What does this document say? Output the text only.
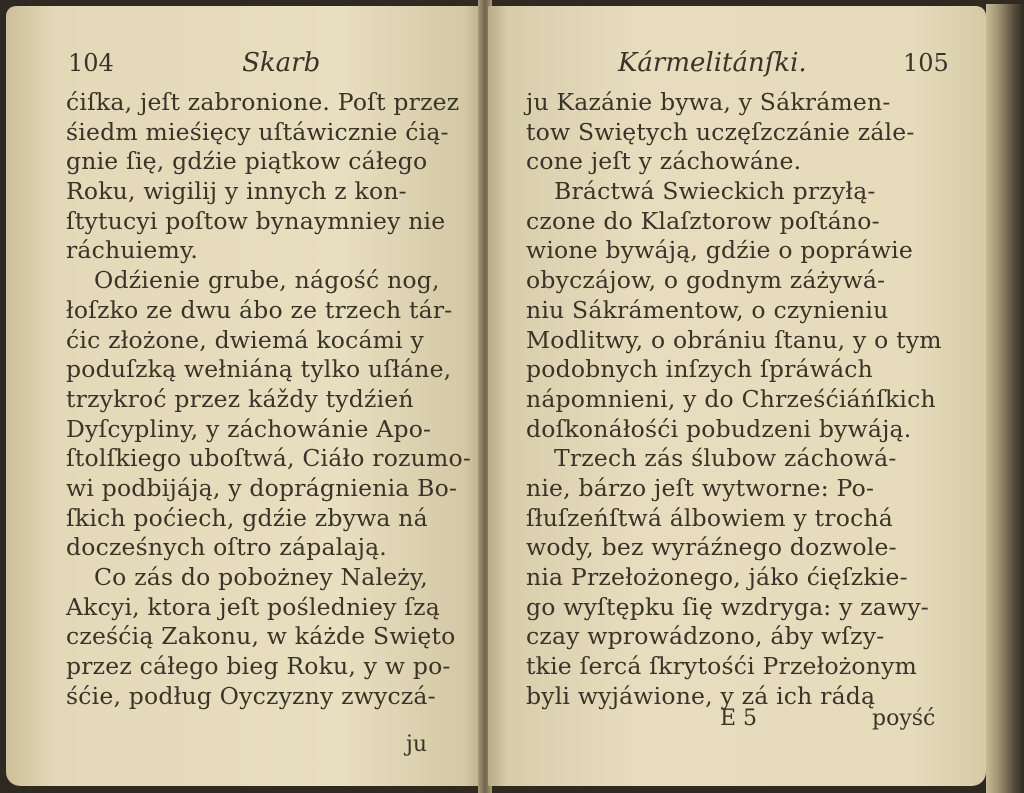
104	Skarb
ćiſka, jeſt zabronione. Poſt przez
śiedm mieśięcy uſtáwicznie ćią-
gnie ſię, gdźie piątkow cáłego
Roku, wigilij y innych z kon-
ſtytucyi poſtow bynaymniey nie
ráchuiemy.
Odźienie grube, nágość nog,
łoſzko ze dwu ábo ze trzech tár-
ćic złożone, dwiemá kocámi y
poduſzką wełniáną tylko uſłáne,
trzykroć przez káždy tydźień
Dyſcypliny, y záchowánie Apo-
ſtolſkiego uboſtwá, Ciáło rozumo-
wi podbijáją, y doprágnienia Bo-
ſkich poćiech, gdźie zbywa ná
docześnych oſtro zápalają.
Co zás do pobożney Należy,
Akcyi, ktora jeſt pośledniey ſzą
cześćią Zakonu, w káżde Swięto
przez cáłego bieg Roku, y w po-
śćie, podług Oyczyzny zwyczá-
ju
Kármelitánſki.	105
ju Kazánie bywa, y Sákrámen-
tow Swiętych uczęſzczánie zále-
cone jeſt y záchowáne.
Bráctwá Swieckich przyłą-
czone do Klaſztorow poſtáno-
wione bywáją, gdźie o popráwie
obyczájow, o godnym záżywá-
niu Sákrámentow, o czynieniu
Modlitwy, o obrániu ſtanu, y o tym
podobnych inſzych ſpráwách
nápomnieni, y do Chrześćiáńſkich
doſkonáłośći pobudzeni bywáją.
Trzech zás ślubow záchowá-
nie, bárzo jeſt wytworne: Po-
ſłuſzeńſtwá álbowiem y trochá
wody, bez wyráźnego dozwole-
nia Przełożonego, jáko ćięſzkie-
go wyſtępku ſię wzdryga: y zawy-
czay wprowádzono, áby wſzy-
tkie ſercá ſkrytośći Przełożonym
byli wyjáwione, y zá ich rádą
E 5	poyść
